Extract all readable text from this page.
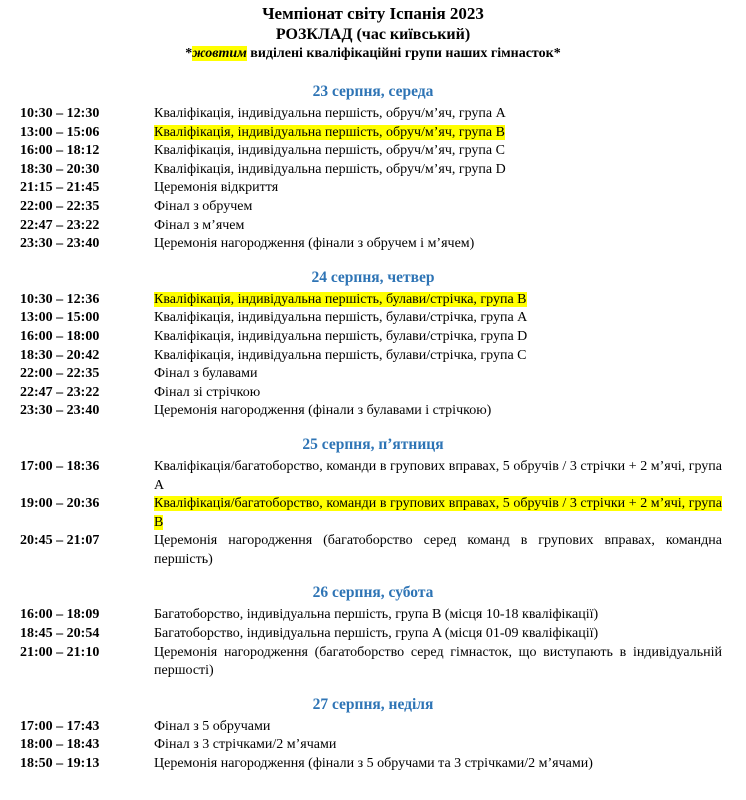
Чемпіонат світу Іспанія 2023
РОЗКЛАД (час київський)
*жовтим виділені кваліфікаційні групи наших гімнасток*
23 серпня, середа
10:30 – 12:30	Кваліфікація, індивідуальна першість, обруч/м’яч, група A
13:00 – 15:06	Кваліфікація, індивідуальна першість, обруч/м’яч, група B
16:00 – 18:12	Кваліфікація, індивідуальна першість, обруч/м’яч, група C
18:30 – 20:30	Кваліфікація, індивідуальна першість, обруч/м’яч, група D
21:15 – 21:45	Церемонія відкриття
22:00 – 22:35	Фінал з обручем
22:47 – 23:22	Фінал з м’ячем
23:30 – 23:40	Церемонія нагородження (фінали з обручем і м’ячем)
24 серпня, четвер
10:30 – 12:36	Кваліфікація, індивідуальна першість, булави/стрічка, група B
13:00 – 15:00	Кваліфікація, індивідуальна першість, булави/стрічка, група A
16:00 – 18:00	Кваліфікація, індивідуальна першість, булави/стрічка, група D
18:30 – 20:42	Кваліфікація, індивідуальна першість, булави/стрічка, група C
22:00 – 22:35	Фінал з булавами
22:47 – 23:22	Фінал зі стрічкою
23:30 – 23:40	Церемонія нагородження (фінали з булавами і стрічкою)
25 серпня, п’ятниця
17:00 – 18:36	Кваліфікація/багатоборство, команди в групових вправах, 5 обручів / 3 стрічки + 2 м’ячі, група A
19:00 – 20:36	Кваліфікація/багатоборство, команди в групових вправах, 5 обручів / 3 стрічки + 2 м’ячі, група B
20:45 – 21:07	Церемонія нагородження (багатоборство серед команд в групових вправах, командна першість)
26 серпня, субота
16:00 – 18:09	Багатоборство, індивідуальна першість, група B (місця 10-18 кваліфікації)
18:45 – 20:54	Багатоборство, індивідуальна першість, група A (місця 01-09 кваліфікації)
21:00 – 21:10	Церемонія нагородження (багатоборство серед гімнасток, що виступають в індивідуальній першості)
27 серпня, неділя
17:00 – 17:43	Фінал з 5 обручами
18:00 – 18:43	Фінал з 3 стрічками/2 м’ячами
18:50 – 19:13	Церемонія нагородження (фінали з 5 обручами та 3 стрічками/2 м’ячами)
